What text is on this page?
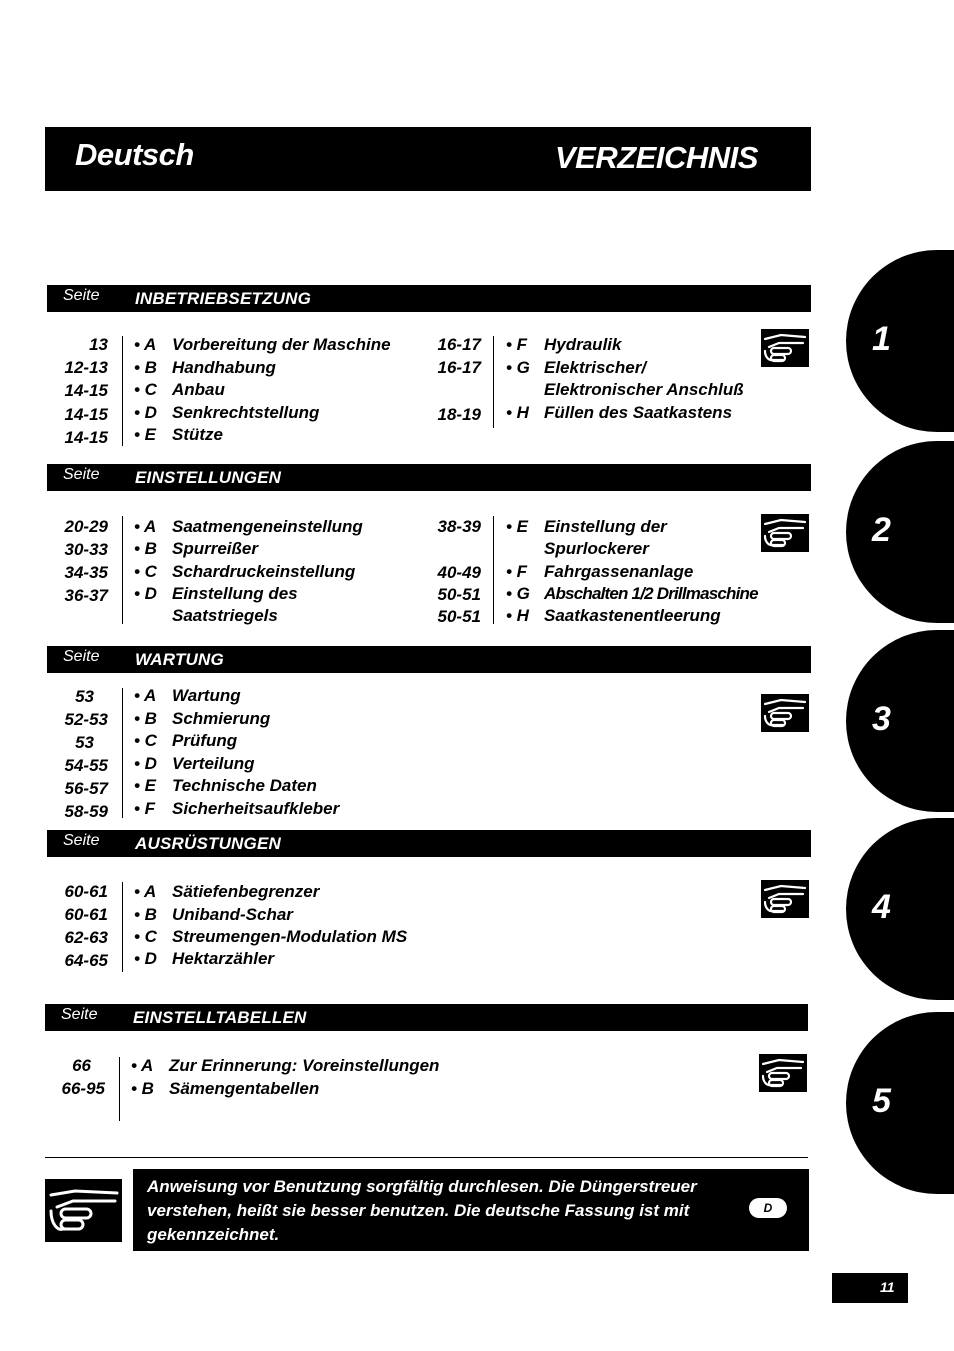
Deutsch	VERZEICHNIS
Seite INBETRIEBSETZUNG
13 • A Vorbereitung der Maschine
12-13 • B Handhabung
14-15 • C Anbau
14-15 • D Senkrechtstellung
14-15 • E Stütze
16-17 • F Hydraulik
16-17 • G Elektrischer/
Elektronischer Anschluß
18-19 • H Füllen des Saatkastens
Seite EINSTELLUNGEN
20-29 • A Saatmengeneinstellung
30-33 • B Spurreißer
34-35 • C Schardruckeinstellung
36-37 • D Einstellung des
Saatstriegels
38-39 • E Einstellung der
Spurlockerer
40-49 • F Fahrgassenanlage
50-51 • G Abschalten 1/2 Drillmaschine
50-51 • H Saatkastenentleerung
Seite WARTUNG
53 • A Wartung
52-53 • B Schmierung
53 • C Prüfung
54-55 • D Verteilung
56-57 • E Technische Daten
58-59 • F Sicherheitsaufkleber
Seite AUSRÜSTUNGEN
60-61 • A Sätiefenbegrenzer
60-61 • B Uniband-Schar
62-63 • C Streumengen-Modulation MS
64-65 • D Hektarzähler
Seite EINSTELLTABELLEN
66 • A Zur Erinnerung: Voreinstellungen
66-95 • B Sämengentabellen
1
2
3
4
5
Anweisung vor Benutzung sorgfältig durchlesen. Die Düngerstreuer
verstehen, heißt sie besser benutzen. Die deutsche Fassung ist mit
gekennzeichnet.
D
11
